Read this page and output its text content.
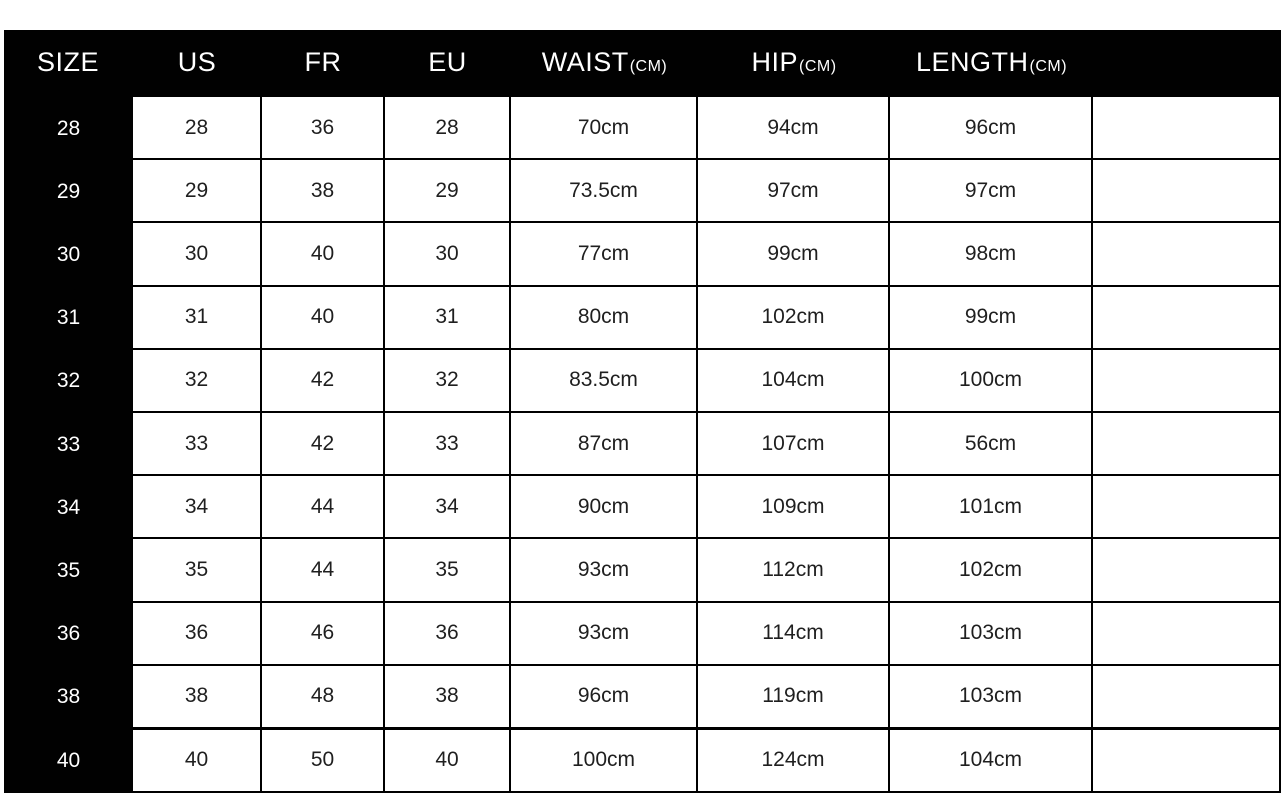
SIZE	US	FR	EU	WAIST(CM)	HIP(CM)	LENGTH(CM)
28	28	36	28	70cm	94cm	96cm
29	29	38	29	73.5cm	97cm	97cm
30	30	40	30	77cm	99cm	98cm
31	31	40	31	80cm	102cm	99cm
32	32	42	32	83.5cm	104cm	100cm
33	33	42	33	87cm	107cm	56cm
34	34	44	34	90cm	109cm	101cm
35	35	44	35	93cm	112cm	102cm
36	36	46	36	93cm	114cm	103cm
38	38	48	38	96cm	119cm	103cm
40	40	50	40	100cm	124cm	104cm
